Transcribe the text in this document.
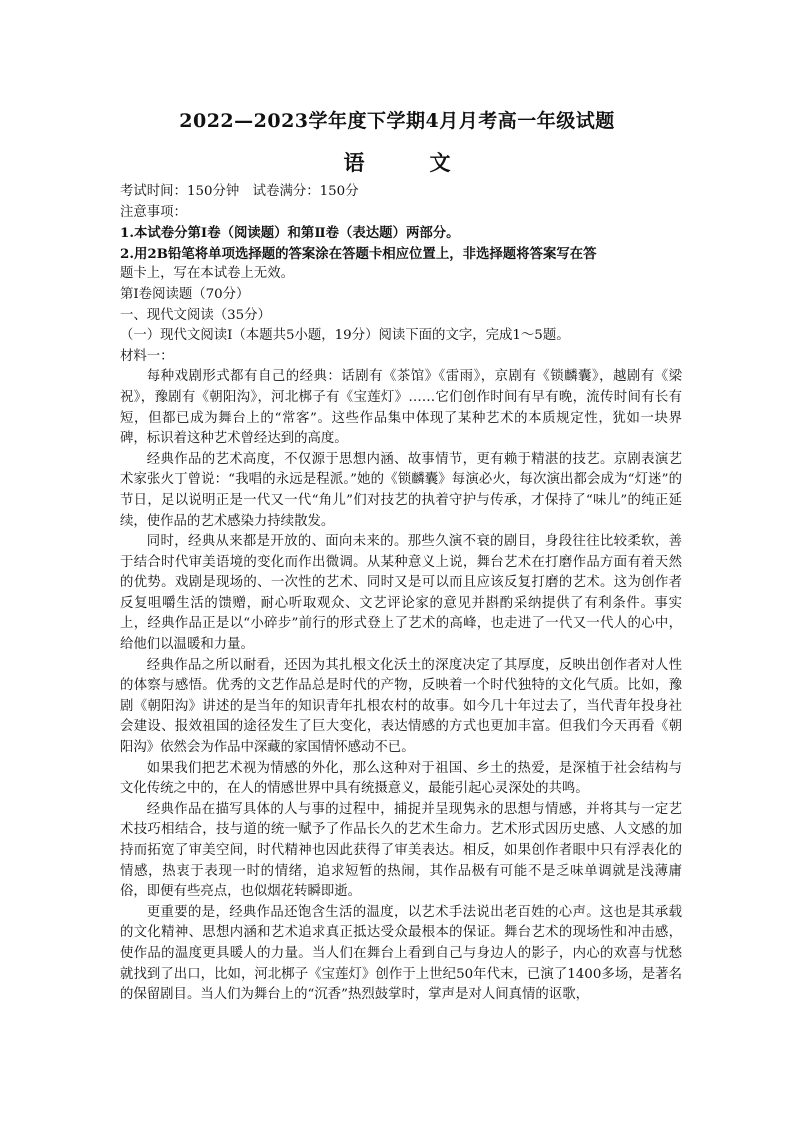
2022—2023学年度下学期4月月考高一年级试题
语　文

考试时间：150分钟　试卷满分：150分

注意事项：

1.本试卷分第Ⅰ卷（阅读题）和第Ⅱ卷（表达题）两部分。

2.用2B铅笔将单项选择题的答案涂在答题卡相应位置上，非选择题将答案写在答

题卡上，写在本试卷上无效。

第Ⅰ卷阅读题（70分）

一、现代文阅读（35分）

（一）现代文阅读Ⅰ（本题共5小题，19分）阅读下面的文字，完成1～5题。

材料一：

每种戏剧形式都有自己的经典：话剧有《茶馆》《雷雨》，京剧有《锁麟囊》，越剧有《梁祝》，豫剧有《朝阳沟》，河北梆子有《宝莲灯》……它们创作时间有早有晚，流传时间有长有短，但都已成为舞台上的“常客”。这些作品集中体现了某种艺术的本质规定性，犹如一块界碑，标识着这种艺术曾经达到的高度。

经典作品的艺术高度，不仅源于思想内涵、故事情节，更有赖于精湛的技艺。京剧表演艺术家张火丁曾说：“我唱的永远是程派。”她的《锁麟囊》每演必火，每次演出都会成为“灯迷”的节日，足以说明正是一代又一代“角儿”们对技艺的执着守护与传承，才保持了“味儿”的纯正延续，使作品的艺术感染力持续散发。

同时，经典从来都是开放的、面向未来的。那些久演不衰的剧目，身段往往比较柔软，善于结合时代审美语境的变化而作出微调。从某种意义上说，舞台艺术在打磨作品方面有着天然的优势。戏剧是现场的、一次性的艺术、同时又是可以而且应该反复打磨的艺术。这为创作者反复咀嚼生活的馈赠，耐心听取观众、文艺评论家的意见并斟酌采纳提供了有利条件。事实上，经典作品正是以“小碎步”前行的形式登上了艺术的高峰，也走进了一代又一代人的心中，给他们以温暖和力量。

经典作品之所以耐看，还因为其扎根文化沃土的深度决定了其厚度，反映出创作者对人性的体察与感悟。优秀的文艺作品总是时代的产物，反映着一个时代独特的文化气质。比如，豫剧《朝阳沟》讲述的是当年的知识青年扎根农村的故事。如今几十年过去了，当代青年投身社会建设、报效祖国的途径发生了巨大变化，表达情感的方式也更加丰富。但我们今天再看《朝阳沟》依然会为作品中深藏的家国情怀感动不已。

如果我们把艺术视为情感的外化，那么这种对于祖国、乡土的热爱，是深植于社会结构与文化传统之中的，在人的情感世界中具有统摄意义，最能引起心灵深处的共鸣。

经典作品在描写具体的人与事的过程中，捕捉并呈现隽永的思想与情感，并将其与一定艺术技巧相结合，技与道的统一赋予了作品长久的艺术生命力。艺术形式因历史感、人文感的加持而拓宽了审美空间，时代精神也因此获得了审美表达。相反，如果创作者眼中只有浮表化的情感，热衷于表现一时的情绪，追求短暂的热闹，其作品极有可能不是乏味单调就是浅薄庸俗，即便有些亮点，也似烟花转瞬即逝。

更重要的是，经典作品还饱含生活的温度，以艺术手法说出老百姓的心声。这也是其承载的文化精神、思想内涵和艺术追求真正抵达受众最根本的保证。舞台艺术的现场性和冲击感，使作品的温度更具暖人的力量。当人们在舞台上看到自己与身边人的影子，内心的欢喜与忧愁就找到了出口，比如，河北梆子《宝莲灯》创作于上世纪50年代末，已演了1400多场，是著名的保留剧目。当人们为舞台上的“沉香”热烈鼓掌时，掌声是对人间真情的讴歌，
